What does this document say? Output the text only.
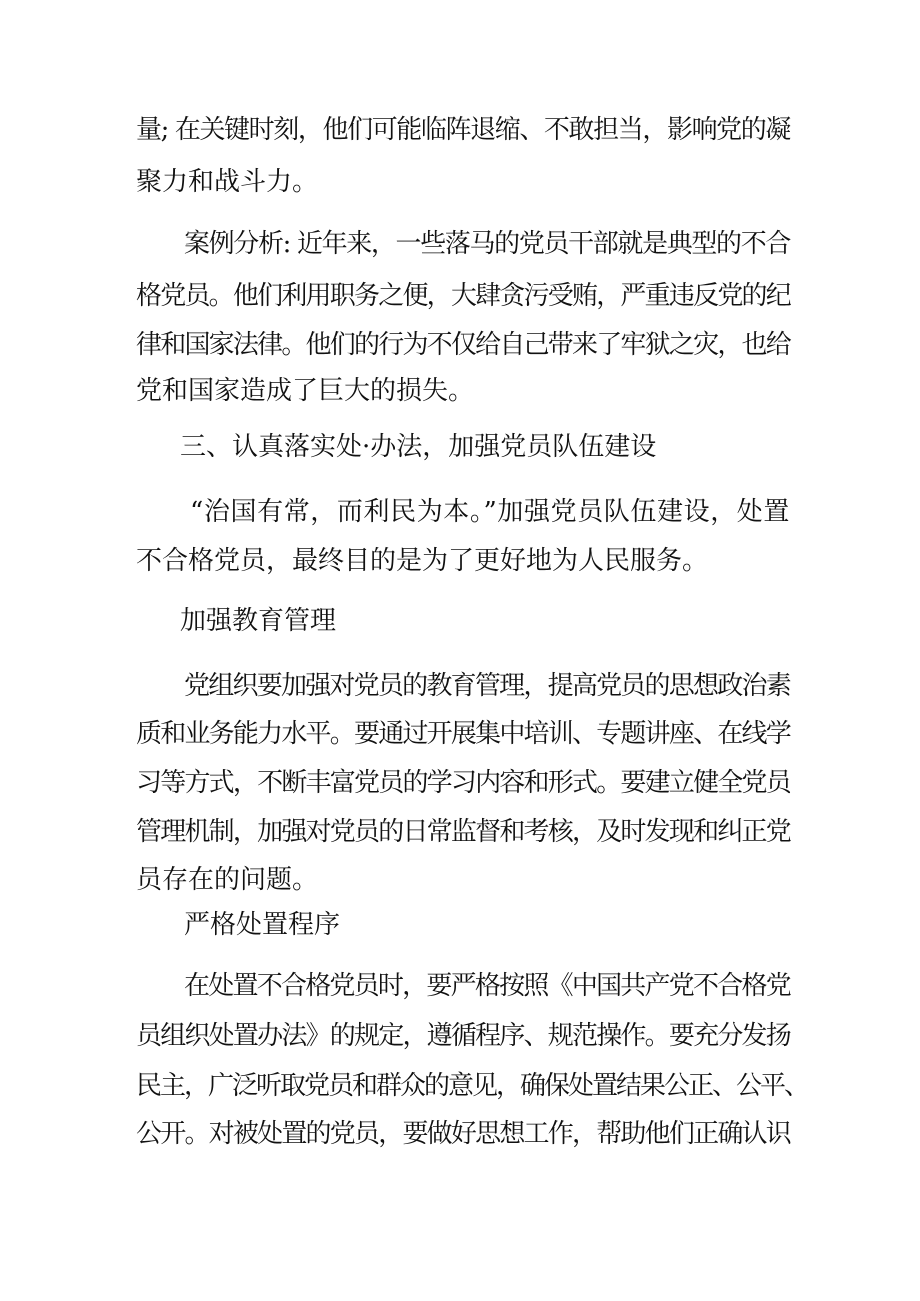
量; 在关键时刻，他们可能临阵退缩、不敢担当，影响党的凝

聚力和战斗力。

案例分析: 近年来，一些落马的党员干部就是典型的不合

格党员。他们利用职务之便，大肆贪污受贿，严重违反党的纪

律和国家法律。他们的行为不仅给自己带来了牢狱之灾，也给

党和国家造成了巨大的损失。

三、认真落实处·办法，加强党员队伍建设

“治国有常，而利民为本。”加强党员队伍建设，处置

不合格党员，最终目的是为了更好地为人民服务。

加强教育管理

党组织要加强对党员的教育管理，提高党员的思想政治素

质和业务能力水平。要通过开展集中培训、专题讲座、在线学

习等方式，不断丰富党员的学习内容和形式。要建立健全党员

管理机制，加强对党员的日常监督和考核，及时发现和纠正党

员存在的问题。

严格处置程序

在处置不合格党员时，要严格按照《中国共产党不合格党

员组织处置办法》的规定，遵循程序、规范操作。要充分发扬

民主，广泛听取党员和群众的意见，确保处置结果公正、公平、

公开。对被处置的党员，要做好思想工作，帮助他们正确认识
